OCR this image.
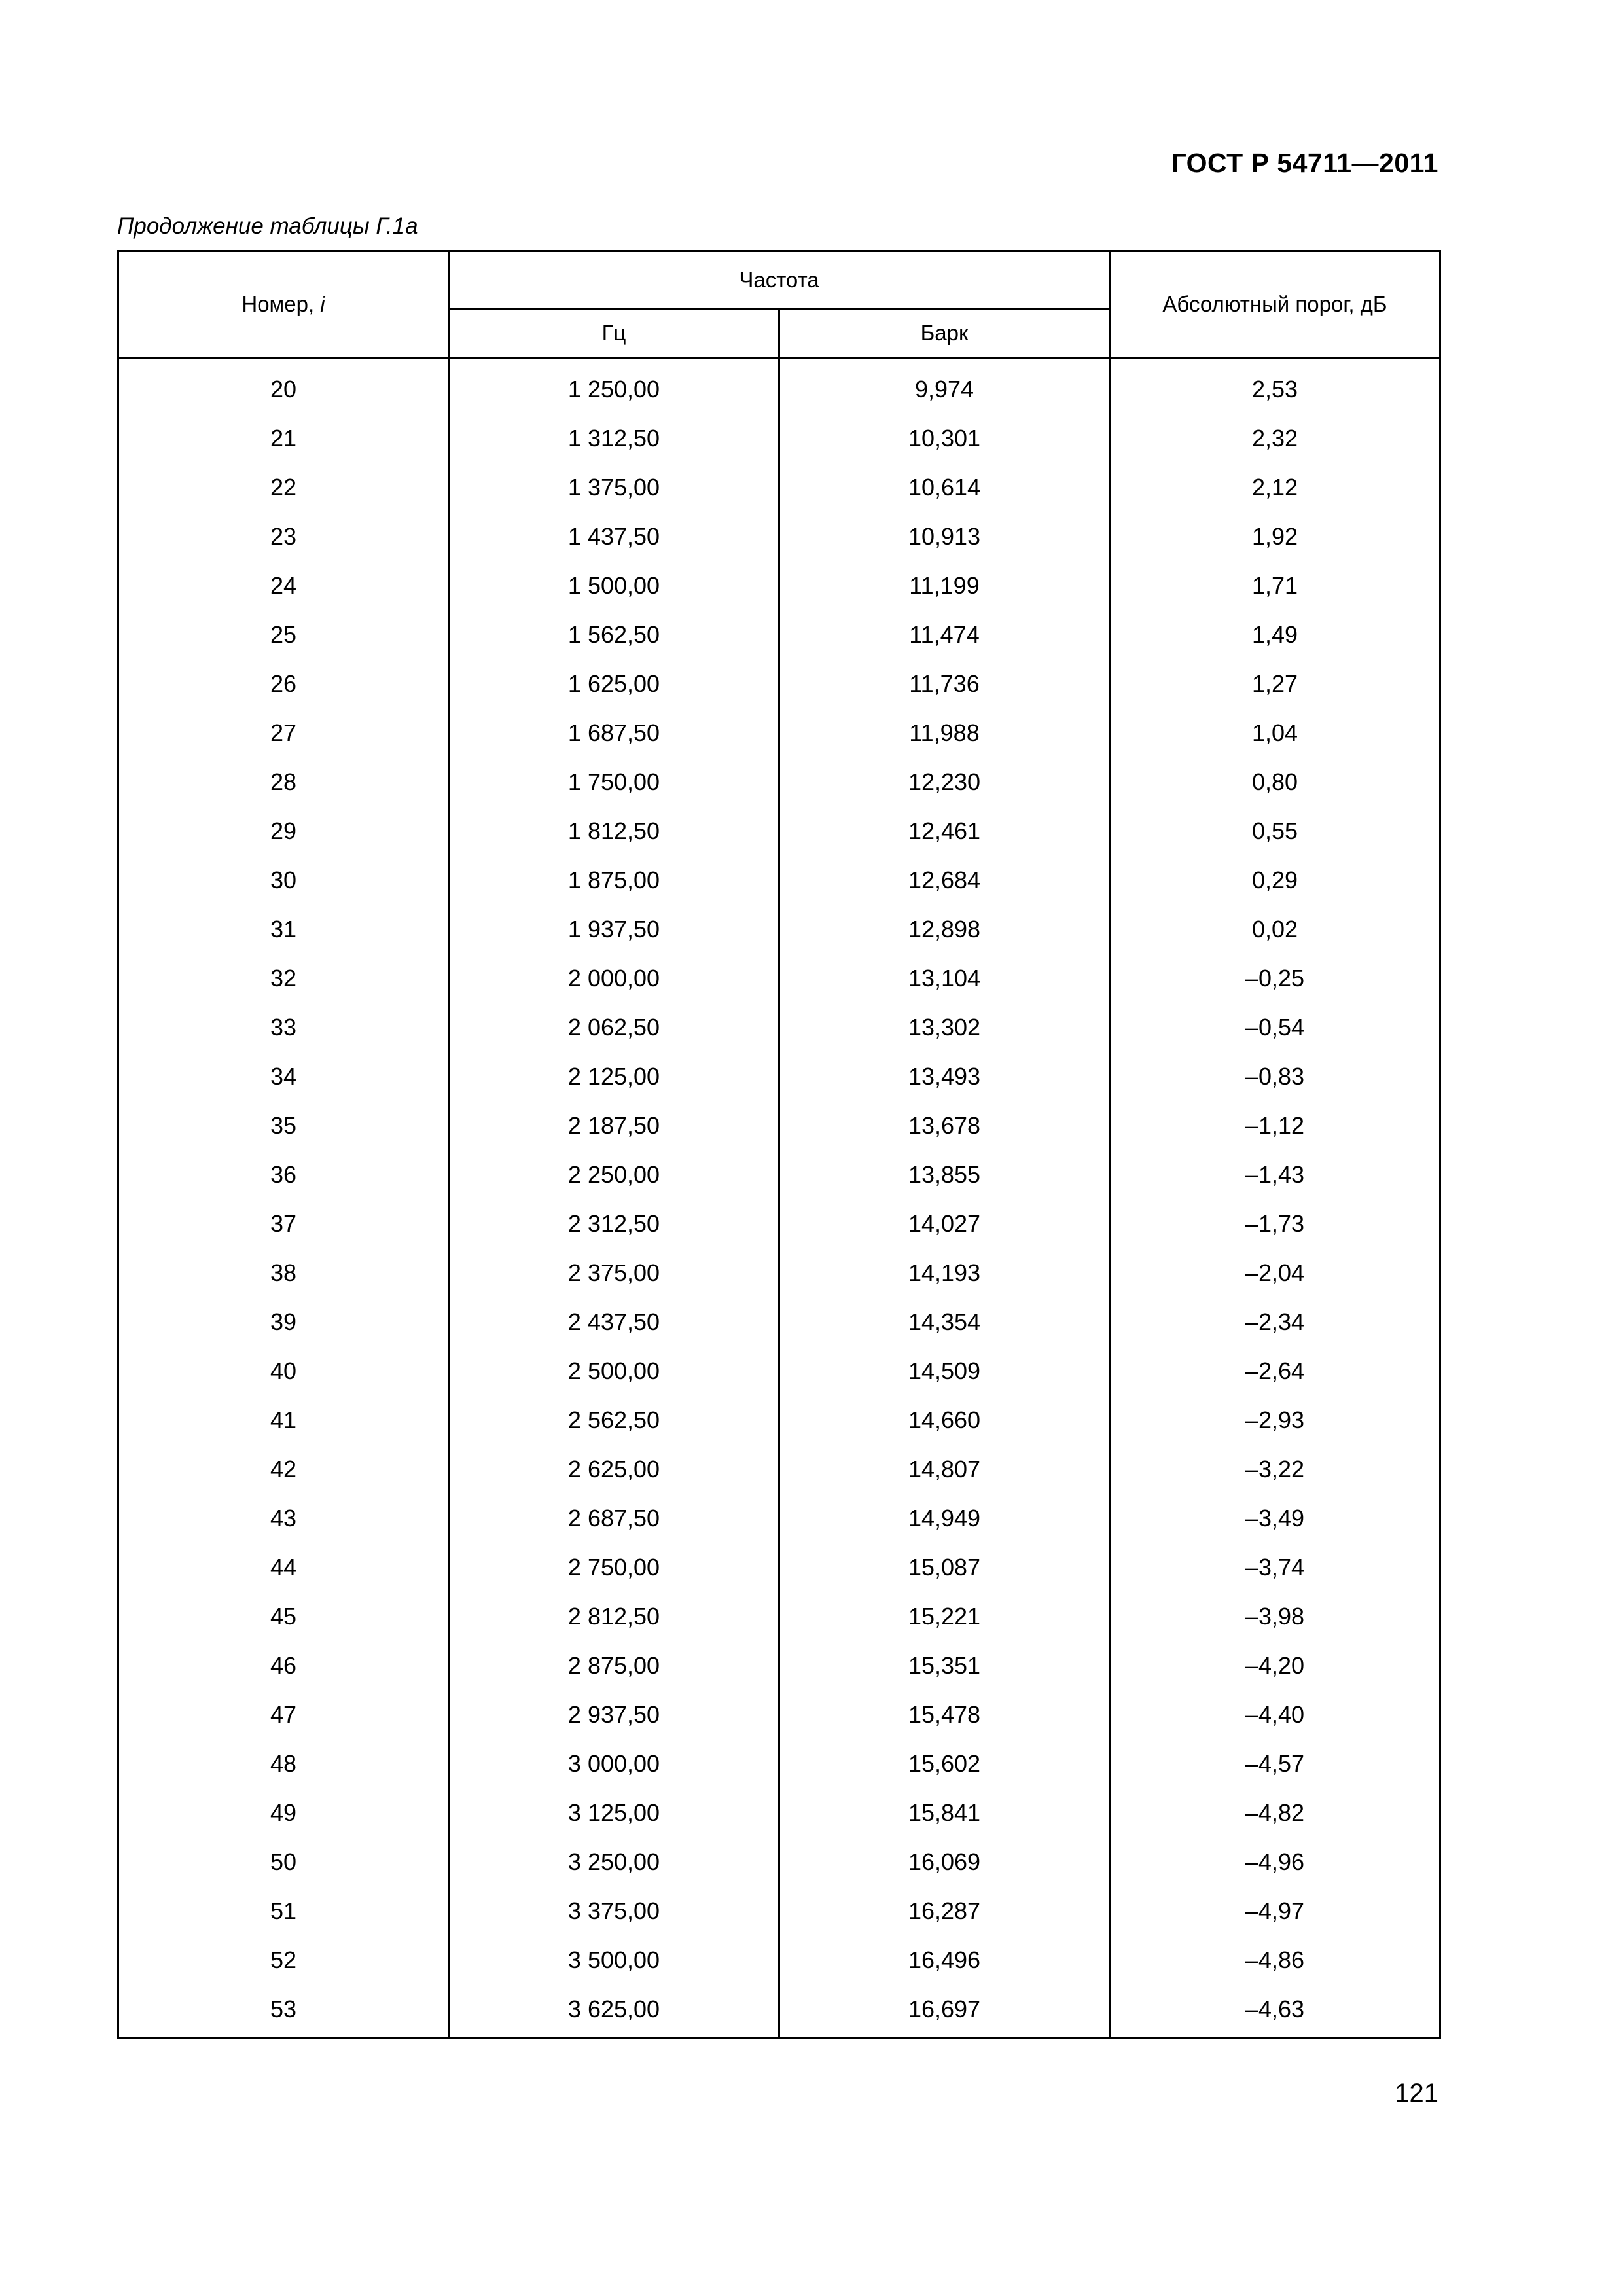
ГОСТ Р 54711—2011
Продолжение таблицы Г.1а
Номер, i	Частота		Абсолютный порог, дБ
	Гц	Барк	

20	1 250,00	9,974	2,53
21	1 312,50	10,301	2,32
22	1 375,00	10,614	2,12
23	1 437,50	10,913	1,92
24	1 500,00	11,199	1,71
25	1 562,50	11,474	1,49
26	1 625,00	11,736	1,27
27	1 687,50	11,988	1,04
28	1 750,00	12,230	0,80
29	1 812,50	12,461	0,55
30	1 875,00	12,684	0,29
31	1 937,50	12,898	0,02
32	2 000,00	13,104	–0,25
33	2 062,50	13,302	–0,54
34	2 125,00	13,493	–0,83
35	2 187,50	13,678	–1,12
36	2 250,00	13,855	–1,43
37	2 312,50	14,027	–1,73
38	2 375,00	14,193	–2,04
39	2 437,50	14,354	–2,34
40	2 500,00	14,509	–2,64
41	2 562,50	14,660	–2,93
42	2 625,00	14,807	–3,22
43	2 687,50	14,949	–3,49
44	2 750,00	15,087	–3,74
45	2 812,50	15,221	–3,98
46	2 875,00	15,351	–4,20
47	2 937,50	15,478	–4,40
48	3 000,00	15,602	–4,57
49	3 125,00	15,841	–4,82
50	3 250,00	16,069	–4,96
51	3 375,00	16,287	–4,97
52	3 500,00	16,496	–4,86
53	3 625,00	16,697	–4,63
121
